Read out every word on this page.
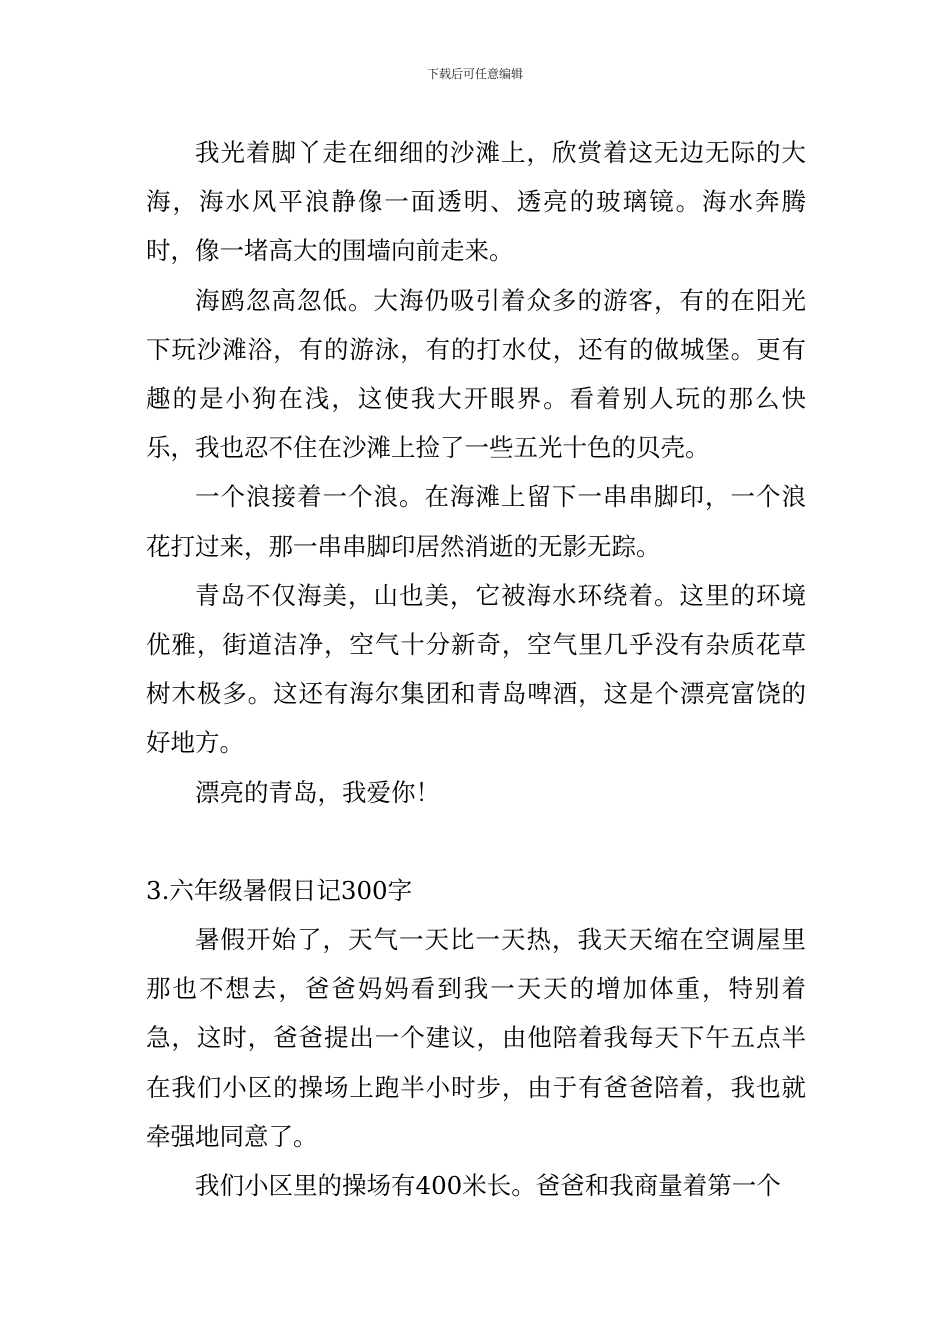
下载后可任意编辑

我光着脚丫走在细细的沙滩上，欣赏着这无边无际的大海，海水风平浪静像一面透明、透亮的玻璃镜。海水奔腾时，像一堵高大的围墙向前走来。

海鸥忽高忽低。大海仍吸引着众多的游客，有的在阳光下玩沙滩浴，有的游泳，有的打水仗，还有的做城堡。更有趣的是小狗在浅，这使我大开眼界。看着别人玩的那么快乐，我也忍不住在沙滩上捡了一些五光十色的贝壳。

一个浪接着一个浪。在海滩上留下一串串脚印，一个浪花打过来，那一串串脚印居然消逝的无影无踪。

青岛不仅海美，山也美，它被海水环绕着。这里的环境优雅，街道洁净，空气十分新奇，空气里几乎没有杂质花草树木极多。这还有海尔集团和青岛啤酒，这是个漂亮富饶的好地方。

漂亮的青岛，我爱你！

3.六年级暑假日记300字

暑假开始了，天气一天比一天热，我天天缩在空调屋里那也不想去，爸爸妈妈看到我一天天的增加体重，特别着急，这时，爸爸提出一个建议，由他陪着我每天下午五点半在我们小区的操场上跑半小时步，由于有爸爸陪着，我也就牵强地同意了。

我们小区里的操场有400米长。爸爸和我商量着第一个
